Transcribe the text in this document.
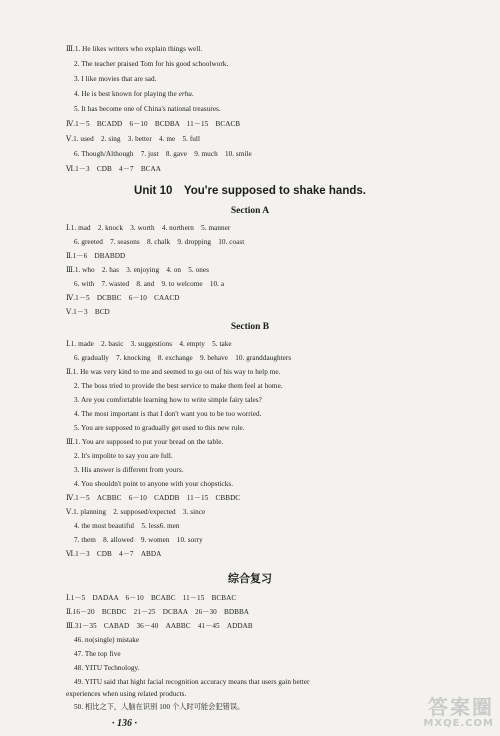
Ⅲ.1. He likes writers who explain things well.
2. The teacher praised Tom for his good schoolwork.
3. I like movies that are sad.
4. He is best known for playing the erhu.
5. It has become one of China's national treasures.
Ⅳ.1－5　BCADD　6－10　BCDBA　11－15　BCACB
Ⅴ.1. used　2. sing　3. better　4. me　5. full
6. Though/Although　7. just　8. gave　9. much　10. smile
Ⅵ.1－3　CDB　4－7　BCAA
Unit 10　You're supposed to shake hands.
Section A
Ⅰ.1. mad　2. knock　3. worth　4. northern　5. manner
6. greeted　7. seasons　8. chalk　9. dropping　10. coast
Ⅱ.1－6　DBABDD
Ⅲ.1. who　2. has　3. enjoying　4. on　5. ones
6. with　7. wasted　8. and　9. to welcome　10. a
Ⅳ.1－5　DCBBC　6－10　CAACD
Ⅴ.1－3　BCD
Section B
Ⅰ.1. made　2. basic　3. suggestions　4. empty　5. take
6. gradually　7. knocking　8. exchange　9. behave　10. granddaughters
Ⅱ.1. He was very kind to me and seemed to go out of his way to help me.
2. The boss tried to provide the best service to make them feel at home.
3. Are you comfortable learning how to write simple fairy tales?
4. The most important is that I don't want you to be too worried.
5. You are supposed to gradually get used to this new rule.
Ⅲ.1. You are supposed to put your bread on the table.
2. It's impolite to say you are full.
3. His answer is different from yours.
4. You shouldn't point to anyone with your chopsticks.
Ⅳ.1－5　ACBBC　6－10　CADDB　11－15　CBBDC
Ⅴ.1. planning　2. supposed/expected　3. since
4. the most beautiful　5. less6. men
7. them　8. allowed　9. women　10. sorry
Ⅵ.1－3　CDB　4－7　ABDA
综合复习
Ⅰ.1－5　DADAA　6－10　BCABC　11－15　BCBAC
Ⅱ.16－20　BCBDC　21－25　DCBAA　26－30　BDBBA
Ⅲ.31－35　CABAD　36－40　AABBC　41－45　ADDAB
46. no(single) mistake
47. The top five
48. YITU Technology.
49. YITU said that hight facial recognition accuracy means that users gain better
experiences when using related products.
50. 相比之下，人脑在识别 100 个人时可能会犯错误。
· 136 ·
答案圈
MXQE.COM
